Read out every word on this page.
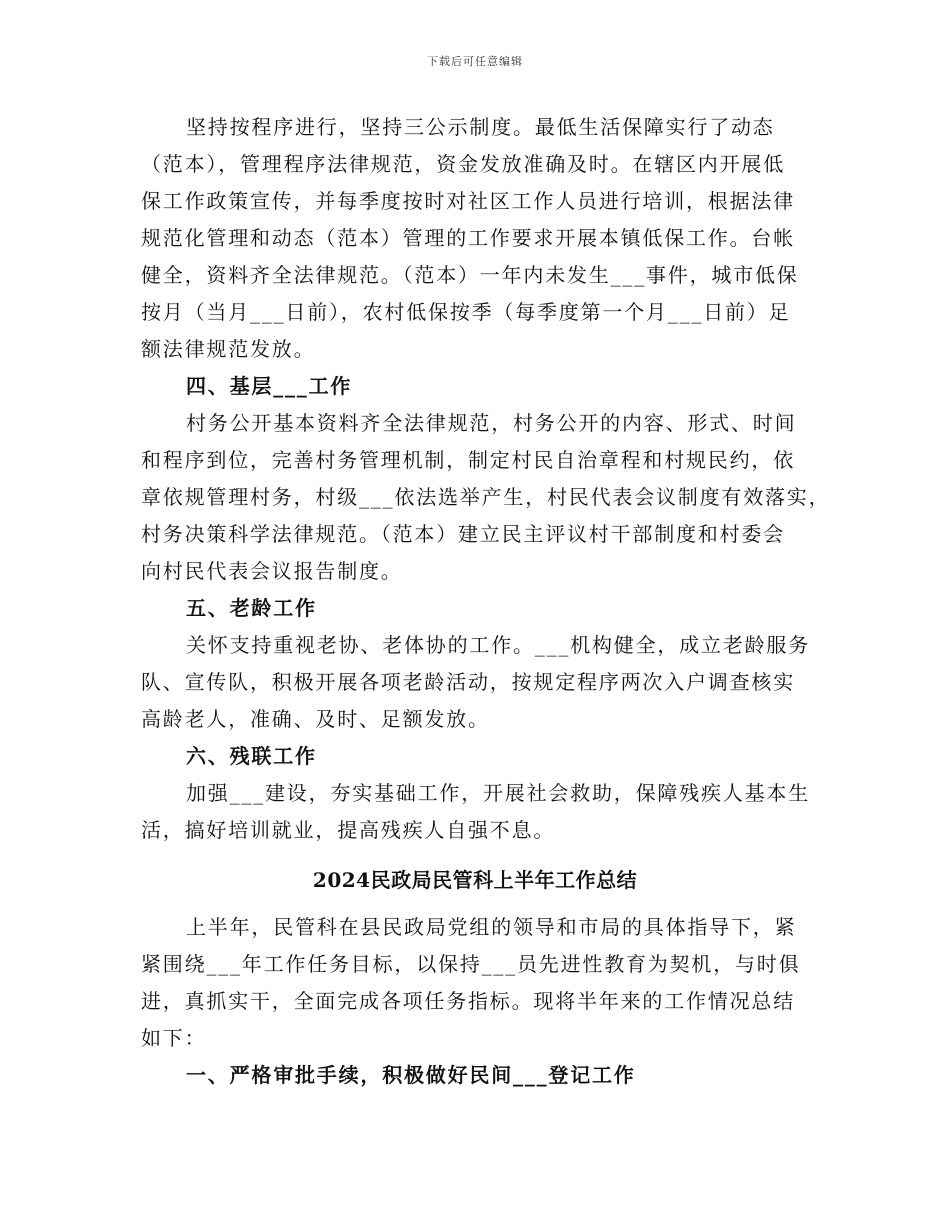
下载后可任意编辑
坚持按程序进行，坚持三公示制度。最低生活保障实行了动态
（范本），管理程序法律规范，资金发放准确及时。在辖区内开展低
保工作政策宣传，并每季度按时对社区工作人员进行培训，根据法律
规范化管理和动态（范本）管理的工作要求开展本镇低保工作。台帐
健全，资料齐全法律规范。（范本）一年内未发生___事件，城市低保
按月（当月___日前），农村低保按季（每季度第一个月___日前）足
额法律规范发放。
四、基层___工作
村务公开基本资料齐全法律规范，村务公开的内容、形式、时间
和程序到位，完善村务管理机制，制定村民自治章程和村规民约，依
章依规管理村务，村级___依法选举产生，村民代表会议制度有效落实，
村务决策科学法律规范。（范本）建立民主评议村干部制度和村委会
向村民代表会议报告制度。
五、老龄工作
关怀支持重视老协、老体协的工作。___机构健全，成立老龄服务
队、宣传队，积极开展各项老龄活动，按规定程序两次入户调查核实
高龄老人，准确、及时、足额发放。
六、残联工作
加强___建设，夯实基础工作，开展社会救助，保障残疾人基本生
活，搞好培训就业，提高残疾人自强不息。
2024民政局民管科上半年工作总结
上半年，民管科在县民政局党组的领导和市局的具体指导下，紧
紧围绕___年工作任务目标，以保持___员先进性教育为契机，与时俱
进，真抓实干，全面完成各项任务指标。现将半年来的工作情况总结
如下：
一、严格审批手续，积极做好民间___登记工作
